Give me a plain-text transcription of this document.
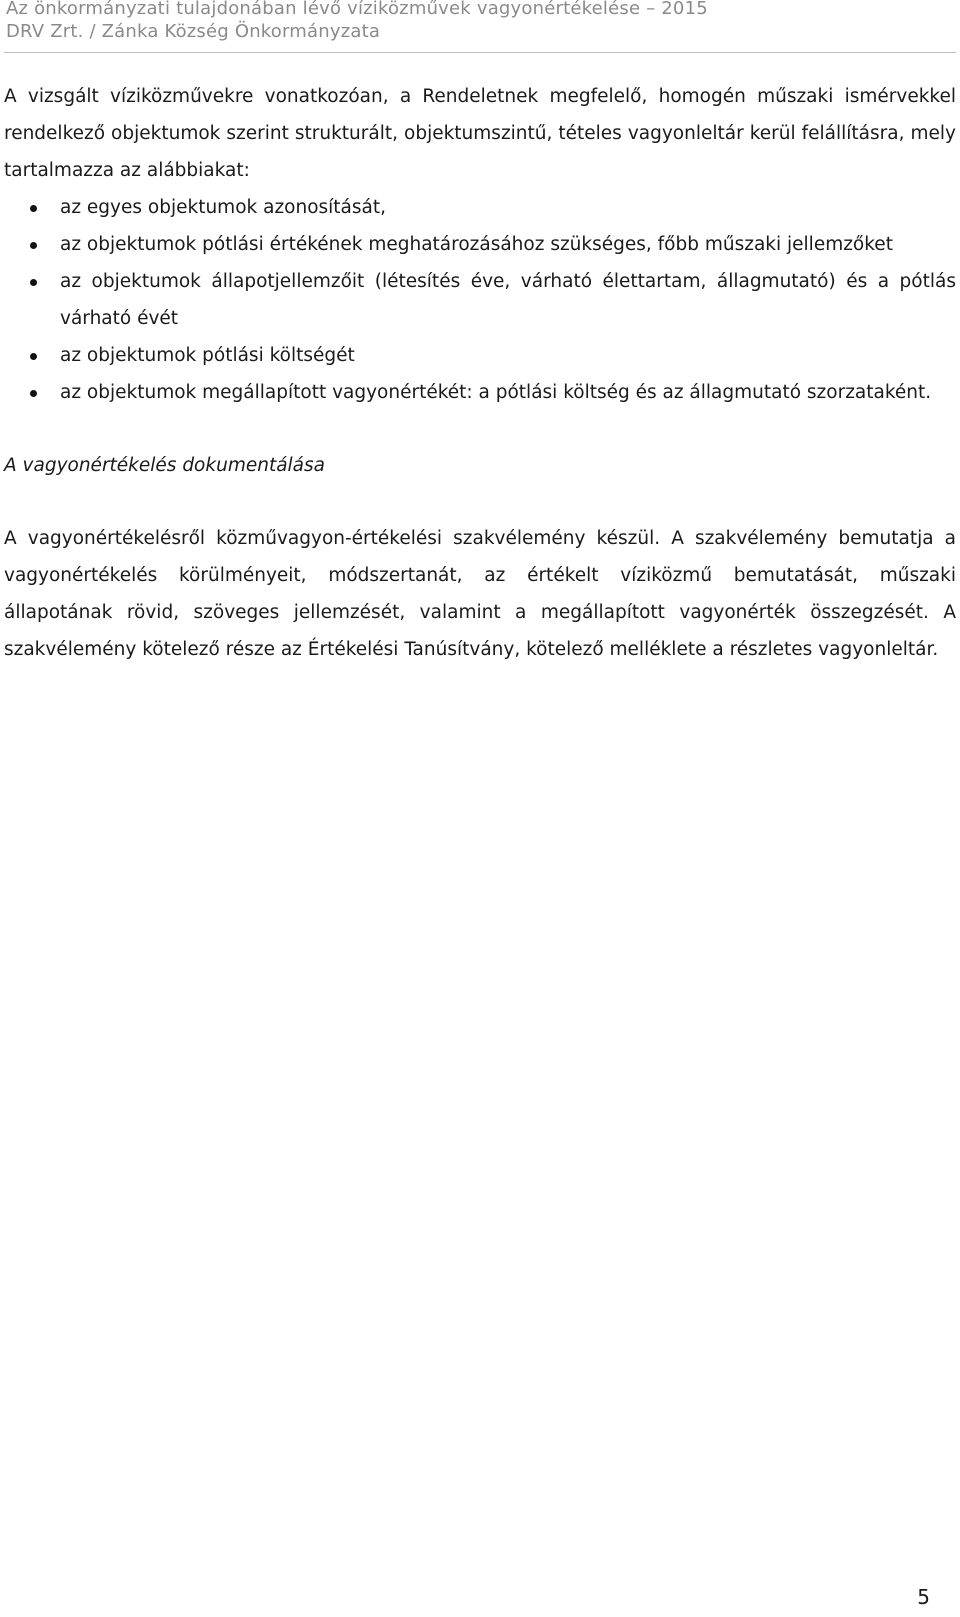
Az önkormányzati tulajdonában lévő víziközművek vagyonértékelése – 2015
DRV Zrt. / Zánka Község Önkormányzata

A vizsgált víziközművekre vonatkozóan, a Rendeletnek megfelelő, homogén műszaki ismérvekkel rendelkező objektumok szerint strukturált, objektumszintű, tételes vagyonleltár kerül felállításra, mely tartalmazza az alábbiakat:

az egyes objektumok azonosítását,
az objektumok pótlási értékének meghatározásához szükséges, főbb műszaki jellemzőket
az objektumok állapotjellemzőit (létesítés éve, várható élettartam, állagmutató) és a pótlás várható évét
az objektumok pótlási költségét
az objektumok megállapított vagyonértékét: a pótlási költség és az állagmutató szorzataként.

A vagyonértékelés dokumentálása

A vagyonértékelésről közművagyon-értékelési szakvélemény készül. A szakvélemény bemutatja a vagyonértékelés körülményeit, módszertanát, az értékelt víziközmű bemutatását, műszaki állapotának rövid, szöveges jellemzését, valamint a megállapított vagyonérték összegzését. A szakvélemény kötelező része az Értékelési Tanúsítvány, kötelező melléklete a részletes vagyonleltár.

5
